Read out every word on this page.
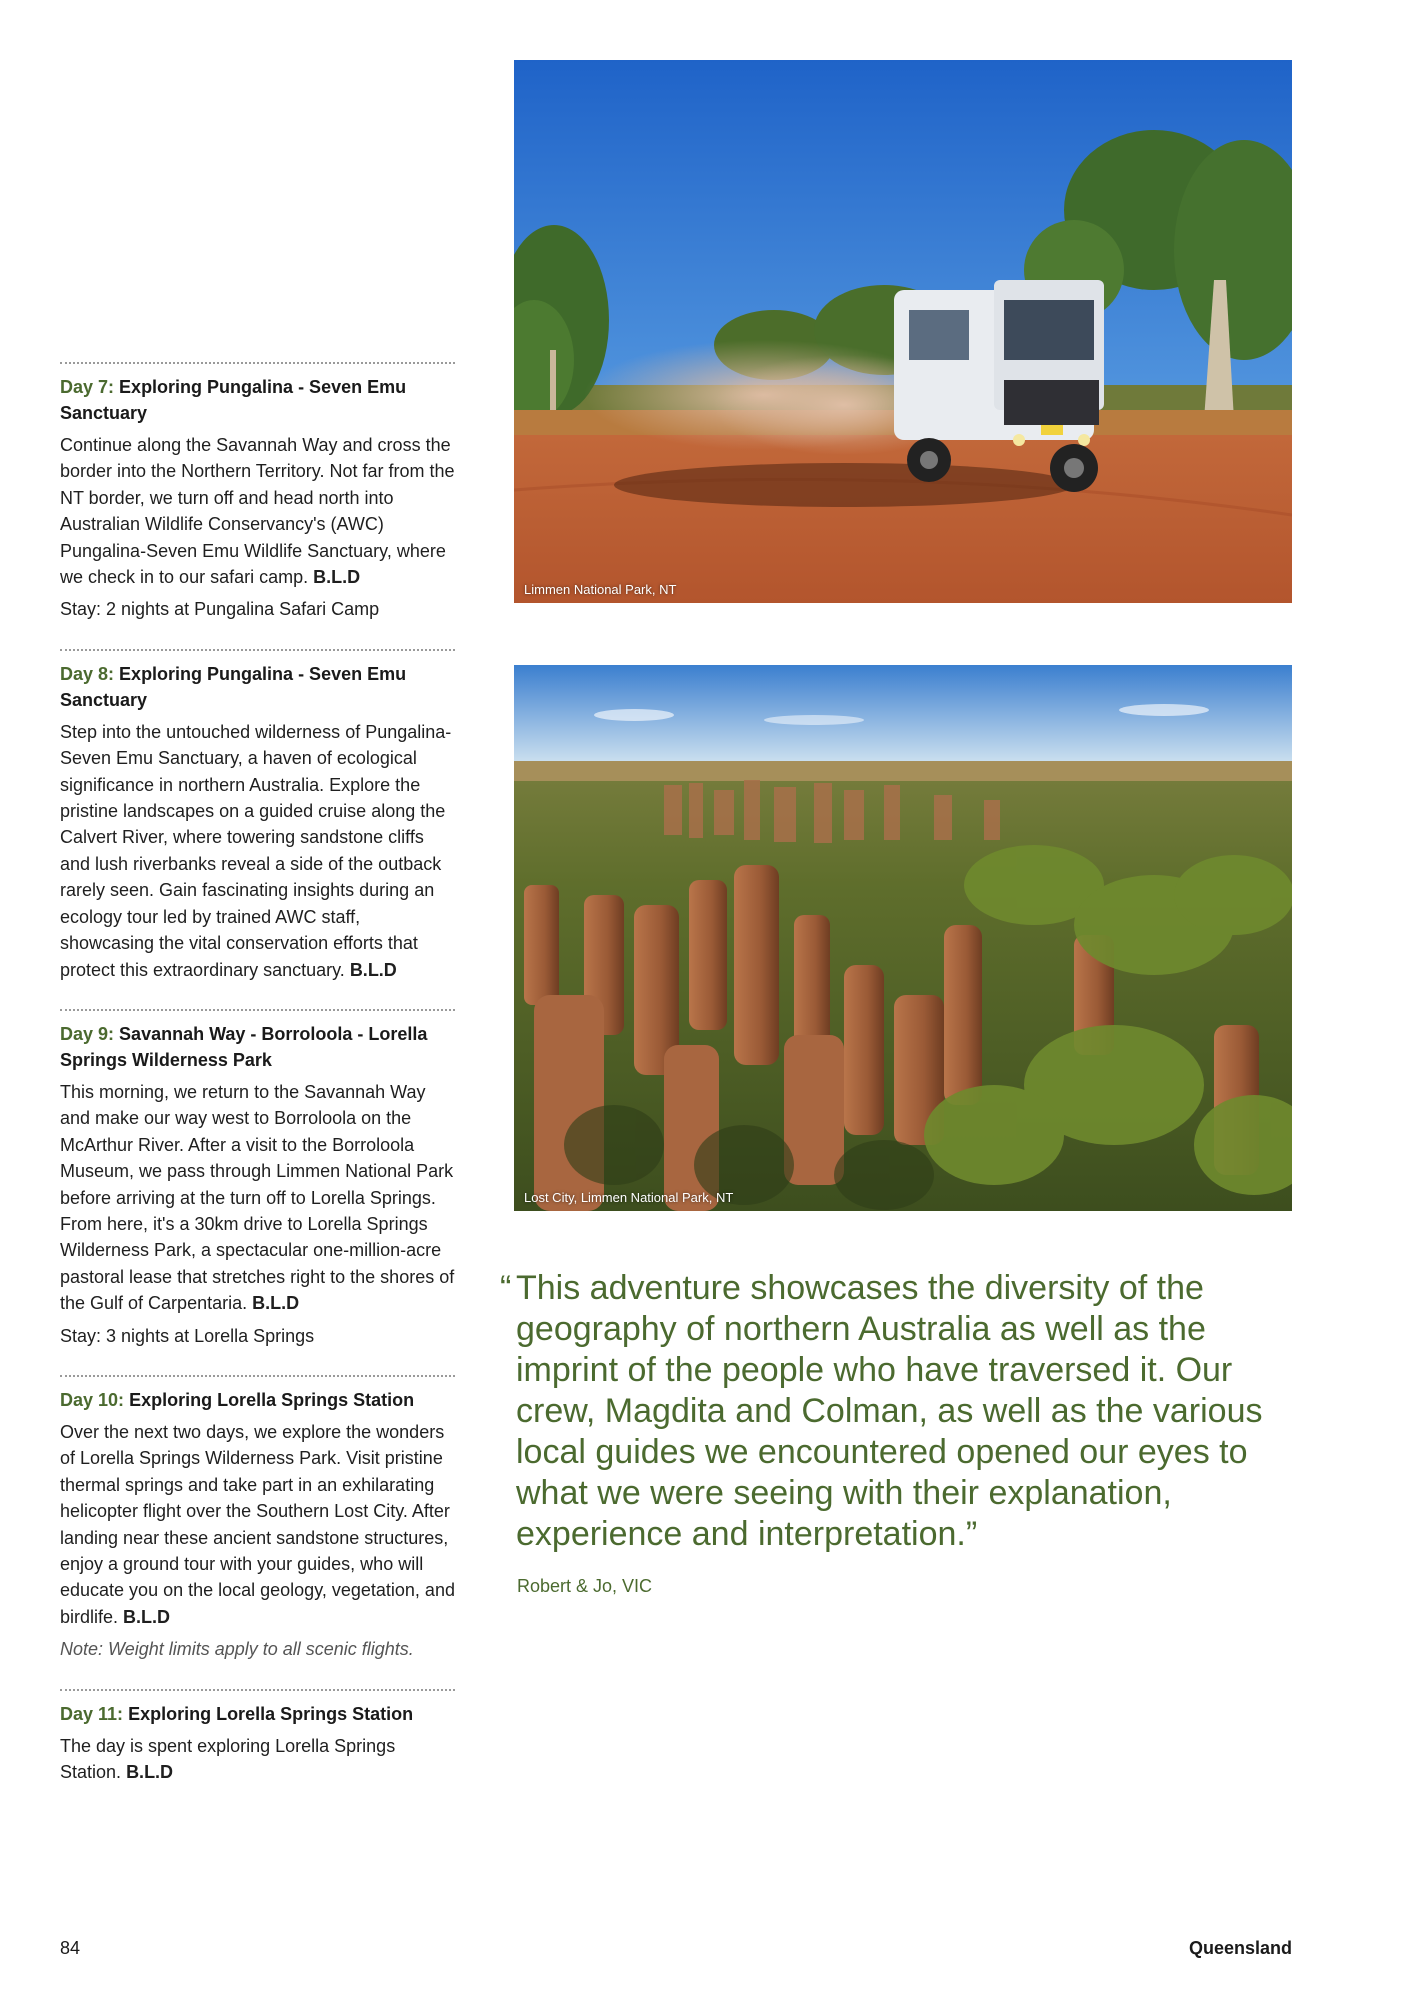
Day 7: Exploring Pungalina - Seven Emu Sanctuary

Continue along the Savannah Way and cross the border into the Northern Territory. Not far from the NT border, we turn off and head north into Australian Wildlife Conservancy's (AWC) Pungalina-Seven Emu Wildlife Sanctuary, where we check in to our safari camp. B.L.D

Stay: 2 nights at Pungalina Safari Camp

Day 8: Exploring Pungalina - Seven Emu Sanctuary

Step into the untouched wilderness of Pungalina-Seven Emu Sanctuary, a haven of ecological significance in northern Australia. Explore the pristine landscapes on a guided cruise along the Calvert River, where towering sandstone cliffs and lush riverbanks reveal a side of the outback rarely seen. Gain fascinating insights during an ecology tour led by trained AWC staff, showcasing the vital conservation efforts that protect this extraordinary sanctuary. B.L.D

Day 9: Savannah Way - Borroloola - Lorella Springs Wilderness Park

This morning, we return to the Savannah Way and make our way west to Borroloola on the McArthur River. After a visit to the Borroloola Museum, we pass through Limmen National Park before arriving at the turn off to Lorella Springs. From here, it's a 30km drive to Lorella Springs Wilderness Park, a spectacular one-million-acre pastoral lease that stretches right to the shores of the Gulf of Carpentaria. B.L.D

Stay: 3 nights at Lorella Springs

Day 10: Exploring Lorella Springs Station

Over the next two days, we explore the wonders of Lorella Springs Wilderness Park. Visit pristine thermal springs and take part in an exhilarating helicopter flight over the Southern Lost City. After landing near these ancient sandstone structures, enjoy a ground tour with your guides, who will educate you on the local geology, vegetation, and birdlife. B.L.D

Note: Weight limits apply to all scenic flights.

Day 11: Exploring Lorella Springs Station

The day is spent exploring Lorella Springs Station. B.L.D

Limmen National Park, NT
Lost City, Limmen National Park, NT
“ This adventure showcases the diversity of the geography of northern Australia as well as the imprint of the people who have traversed it. Our crew, Magdita and Colman, as well as the various local guides we encountered opened our eyes to what we were seeing with their explanation, experience and interpretation.”
Robert & Jo, VIC
84	Queensland
